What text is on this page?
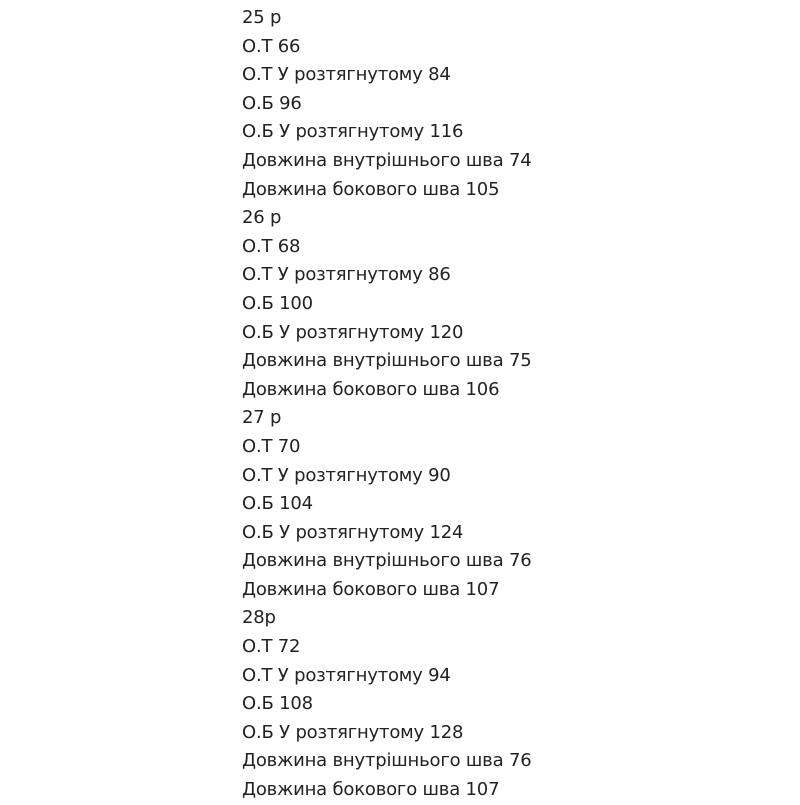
25 р
О.Т 66
О.Т У розтягнутому 84
О.Б 96
О.Б У розтягнутому 116
Довжина внутрішнього шва 74
Довжина бокового шва 105
26 р
О.Т 68
О.Т У розтягнутому 86
О.Б 100
О.Б У розтягнутому 120
Довжина внутрішнього шва 75
Довжина бокового шва 106
27 р
О.Т 70
О.Т У розтягнутому 90
О.Б 104
О.Б У розтягнутому 124
Довжина внутрішнього шва 76
Довжина бокового шва 107
28р
О.Т 72
О.Т У розтягнутому 94
О.Б 108
О.Б У розтягнутому 128
Довжина внутрішнього шва 76
Довжина бокового шва 107
